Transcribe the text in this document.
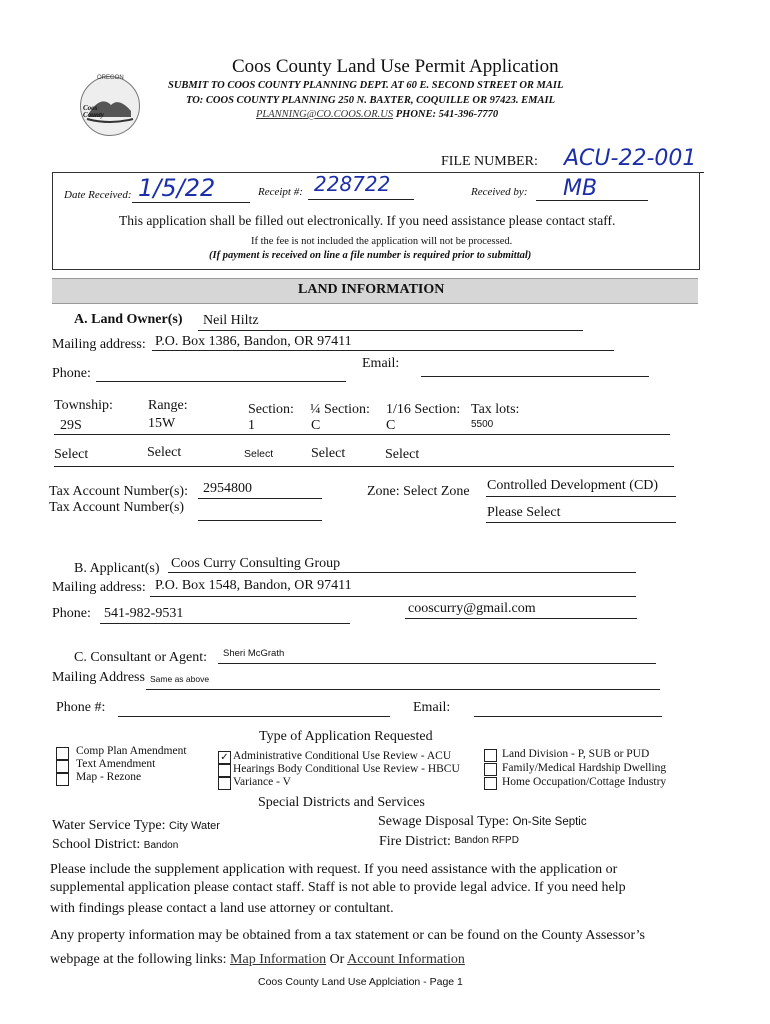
OREGON
Coos County
Coos County Land Use Permit Application
SUBMIT TO COOS COUNTY PLANNING DEPT. AT 60 E. SECOND STREET OR MAIL
TO: COOS COUNTY PLANNING 250 N. BAXTER, COQUILLE OR 97423. EMAIL
PLANNING@CO.COOS.OR.US PHONE: 541-396-7770
FILE NUMBER: ACU-22-001
Date Received: 1/5/22	Receipt #: 228722	Received by: MB
This application shall be filled out electronically. If you need assistance please contact staff.
If the fee is not included the application will not be processed.
(If payment is received on line a file number is required prior to submittal)
LAND INFORMATION
A. Land Owner(s) Neil Hiltz
Mailing address: P.O. Box 1386, Bandon, OR 97411
Phone:
Email:
Township:
29S
Range:
15W
Section:
1
¼ Section:
C
1/16 Section:
C
Tax lots:
5500
Select	Select	Select	Select	Select
Tax Account Number(s): 2954800
Tax Account Number(s)
Zone: Select Zone Controlled Development (CD)
Please Select
B. Applicant(s) Coos Curry Consulting Group
Mailing address: P.O. Box 1548, Bandon, OR 97411
Phone: 541-982-9531	cooscurry@gmail.com
C. Consultant or Agent: Sheri McGrath
Mailing Address Same as above
Phone #:	Email:
Type of Application Requested
Comp Plan Amendment
Text Amendment
Map - Rezone
✓ Administrative Conditional Use Review - ACU
Hearings Body Conditional Use Review - HBCU
Variance - V
Land Division - P, SUB or PUD
Family/Medical Hardship Dwelling
Home Occupation/Cottage Industry
Special Districts and Services
Water Service Type: City Water	Sewage Disposal Type: On-Site Septic
School District: Bandon	Fire District: Bandon RFPD
Please include the supplement application with request. If you need assistance with the application or
supplemental application please contact staff. Staff is not able to provide legal advice. If you need help
with findings please contact a land use attorney or contultant.
Any property information may be obtained from a tax statement or can be found on the County Assessor’s
webpage at the following links: Map Information Or Account Information
Coos County Land Use Applciation - Page 1
